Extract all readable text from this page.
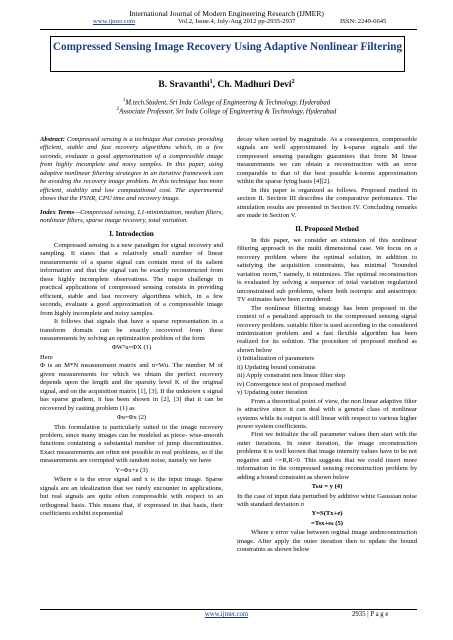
International Journal of Modern Engineering Research (IJMER)
www.ijmer.com	Vol.2, Issue.4, July-Aug 2012 pp-2935-2937	ISSN: 2249-6645
Compressed Sensing Image Recovery Using Adaptive Nonlinear Filtering
B. Sravanthi$^1$, Ch. Madhuri Devi$^2$
$^1$M.tech.Student, Sri Indu College of Engineering & Technology, Hyderabad
$^2$Associate Professor, Sri Indu College of Engineering & Technology, Hyderabad

Abstract: Compressed sensing is a technique that consists providing efficient, stable and fast recovery algorithms which, in a few seconds, evaluate a good approximation of a compressible image from highly incomplete and noisy samples. In this paper, using adaptive nonlinear filtering strategies in an iterative framework can be avoiding the recovery image problem. In this technique has more efficient, stability and low computational cost. The experimental shows that the PSNR, CPU time and recovery image.

Index Terms—Compressed sensing, L1-minimization, median filters, nonlinear filters, sparse image recovery, total variation.

I. Introdection

Compressed sensing is a new paradigm for signal recovery and sampling. It states that a relatively small number of linear measurements of a sparse signal can contain most of its salient information and that the signal can be exactly reconstructed from these highly incomplete observations. The major challenge in practical applications of compressed sensing consists in providing efficient, stable and fast recovery algorithms which, in a few seconds, evaluate a good approximation of a compressible image from highly incomplete and noisy samples.

It follows that signals that have a sparse representation in a transform domain can be exactly recovered from these measurements by solving an optimization problem of the form

ΦWᵀu=ΦX (1)

Here

Φ is an M*N measurement matrix and α=Wu. The number M of given measurements for which we obtain the perfect recovery depends upon the length and the sparsity level K of the original signal, and on the acquisition matrix [1], [3]. If the unknown x signal has sparse gradient, it has been shown in [2], [3] that it can be recovered by casting problem (1) as

Φu=Φx (2)

This formulation is particularly suited to the image recovery problem, since many images can be modeled as piece- wise-smooth functions containing a substantial number of jump discontinuities. Exact measurements are often not possible in real problems, so if the measurements are corrupted with random noise, namely we have

Y=Φx+e (3)

Where e is the error signal and x is the input image. Sparse signals are an idealization that we rarely encounter in applications, but real signals are quite often compressible with respect to an orthogonal basis. This means that, if expressed in that basis, their coefficients exhibit exponential

decay when sorted by magnitude. As a consequence, compressible signals are well approximated by k-sparse signals and the compressed sensing paradigm guarantees that from M linear measurements we can obtain a reconstruction with an error comparable to that of the best possible k-terms approximation within the sparse fying basis [4][2].

In this paper is organized as follows. Proposed method in section II. Section III describes the comparative perfomance. The simulation results are presented in Section IV. Concluding remarks are made in Section V.

II. Proposed Method

In this paper, we consider an extension of this nonlinear filtering approach to the multi dimensional case. We focus on a recovery problem where the optimal solution, in addition to satisfying the acquisition constraints, has minimal "bounded variation norm," namely, it minimizes. The optimal reconstruction is evaluated by solving a sequence of total variation regularized unconstrained sub problems, where both isotropic and anisotropic TV estimates have been considered.

The nonlinear filtering strategy has been proposed in the context of a penalized approach to the compressed sensing signal recovery problem. suitable filter is used according to the considered minimization problem and a fast flexible algorithm has been realized for its solution. The procedure of proposed method as shown below

i) Initialization of parameters

ii) Updating bound constrains

iii) Apply constraint non linear filter step

iv) Convergence test of proposed method

v) Updating outer iteration

From a theoretical point of view, the non linear adaptive filter is attractive since it can deal with a general class of nonlinear systems while its output is still linear with respect to various higher power system coefficients.

First we initialize the all parameter values then start with the outer iterations. In outer iteration, the image reconstruction problems it is well known that image intensity values have to be not negative and <=R,R>0. This suggests that we could insert more information in the compressed sensing reconstruction problem by adding a bound constraint as shown below

Tₖu = y (4)

In the case of input data perturbed by additive white Gaussian noise with standard deviation σ

Y=S(Tx+e)
=Tsx+eₛ (5)

Where e error value between orginal image andreconstruction image. After apply the outer iteration then to update the bound constraints as shown below

www.ijmer.com	2935 | P a g e
